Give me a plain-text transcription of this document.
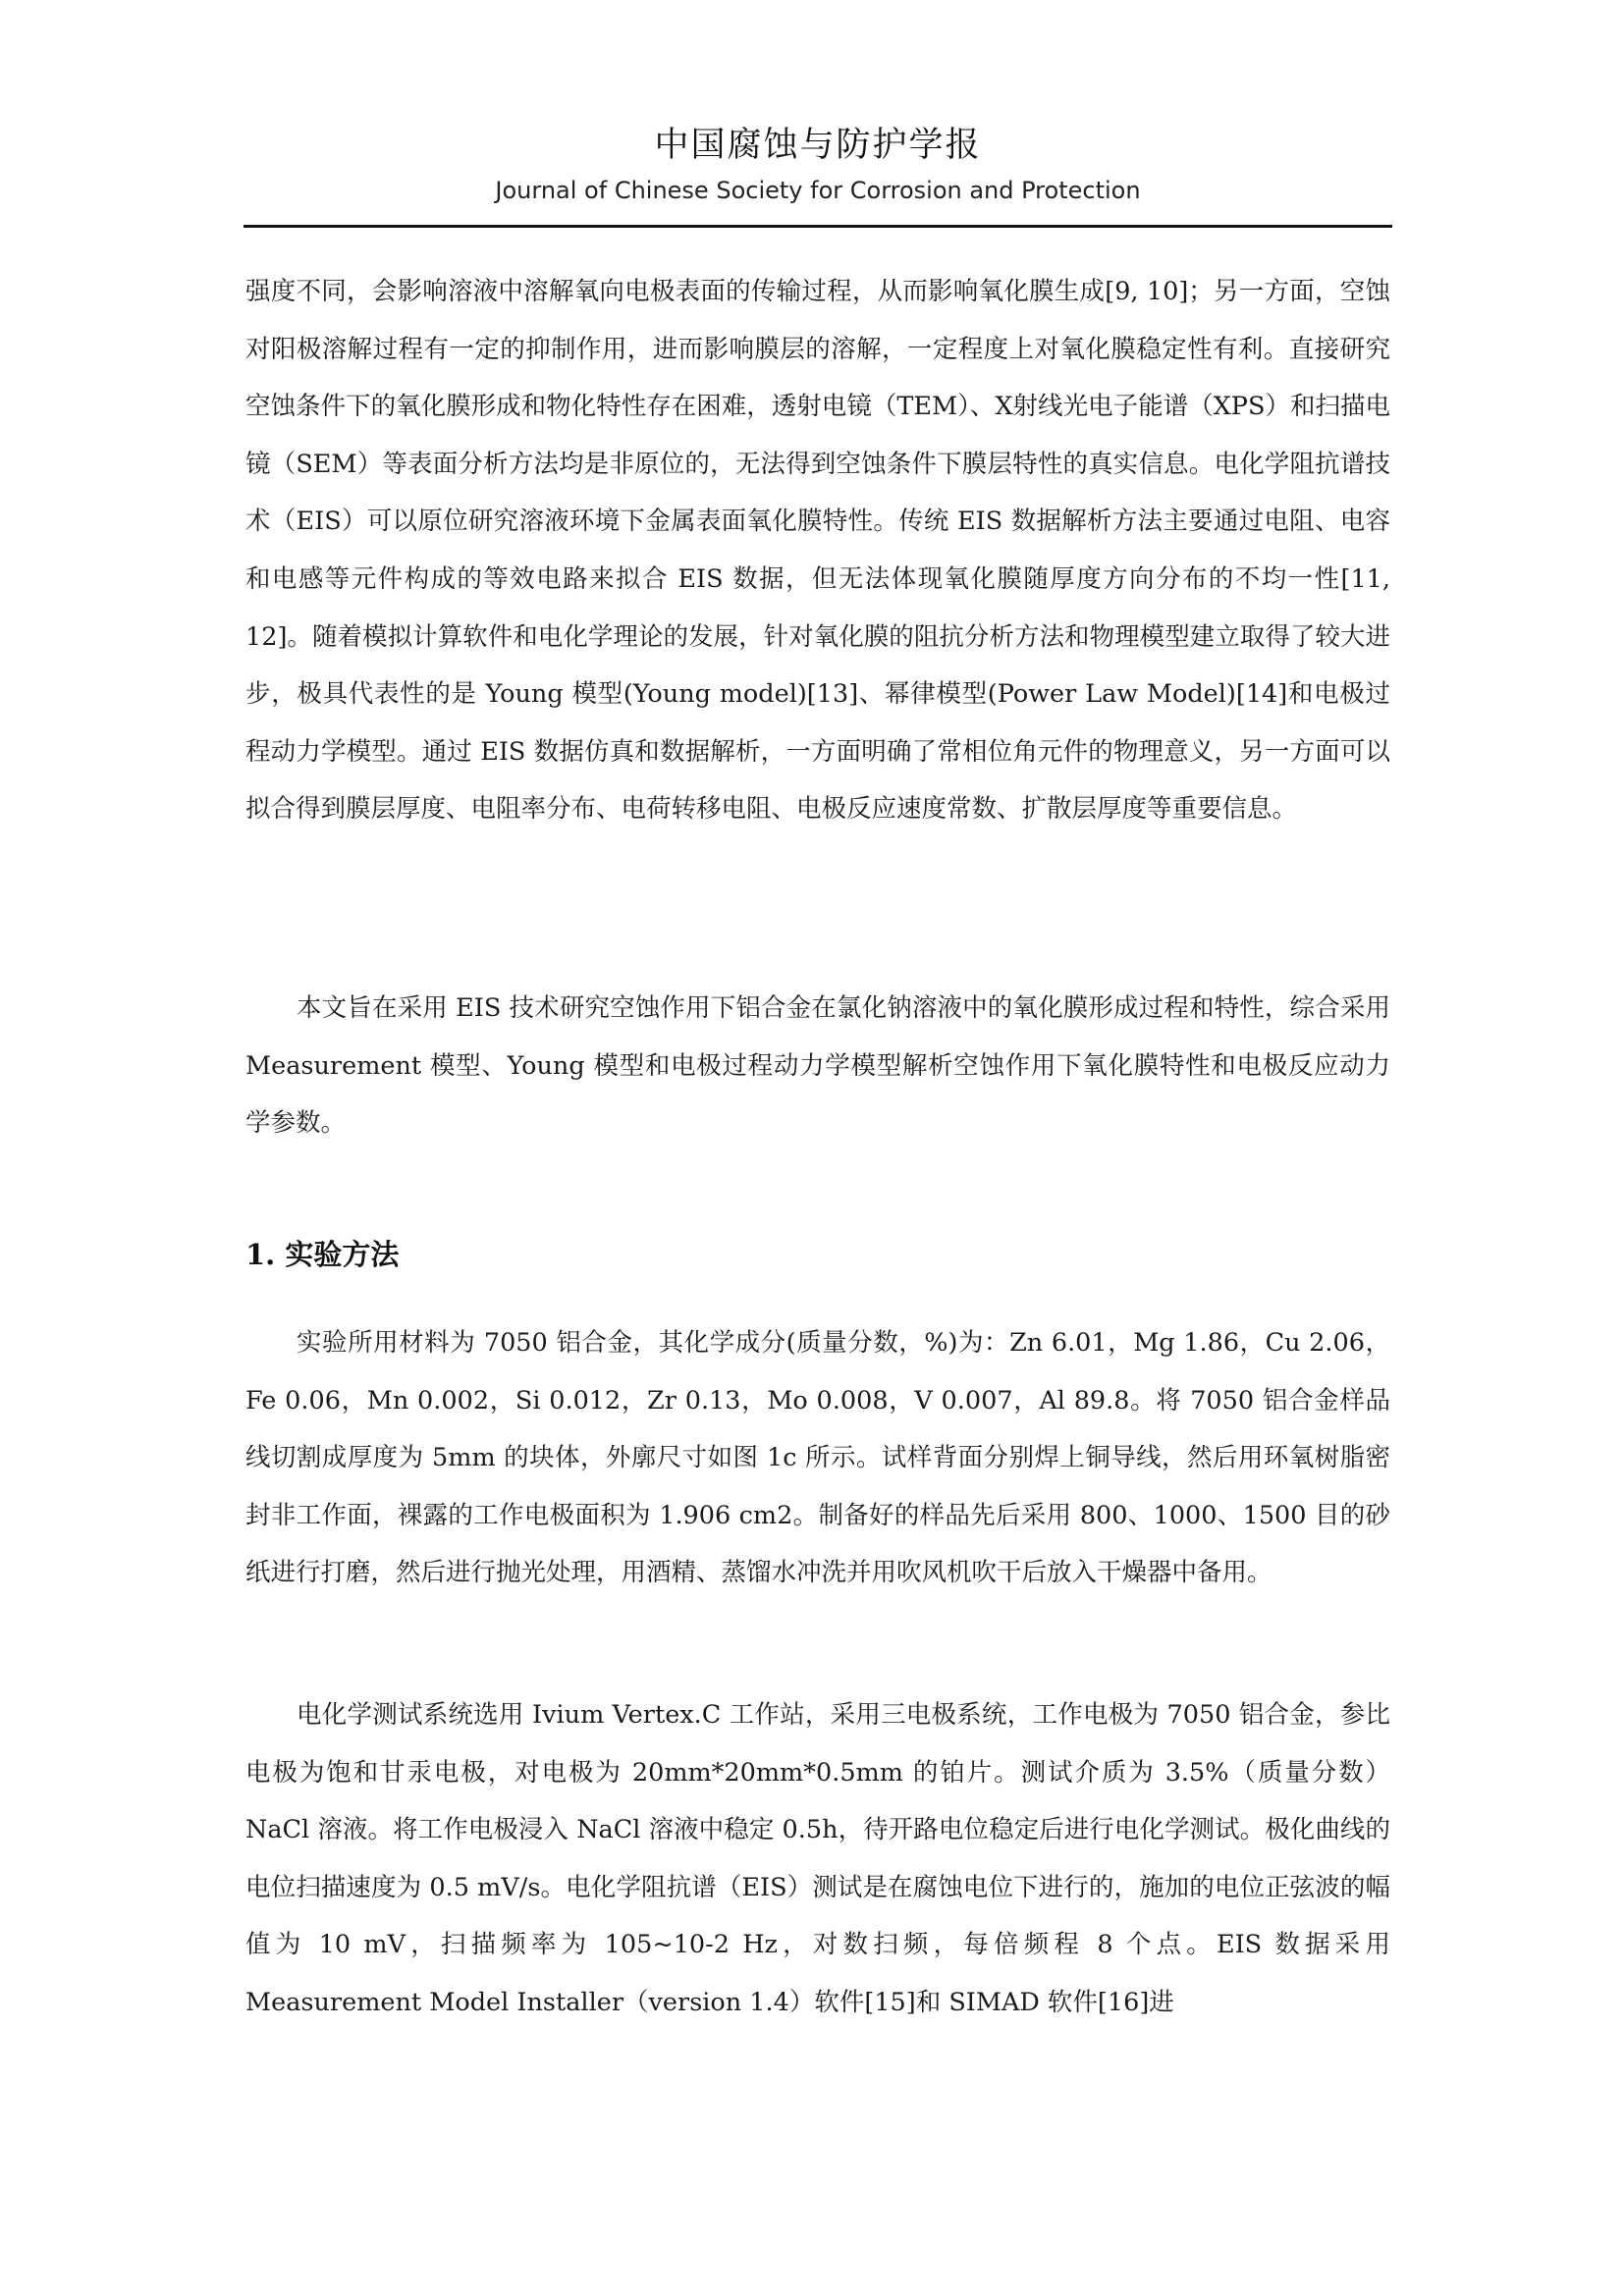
中国腐蚀与防护学报
Journal of Chinese Society for Corrosion and Protection

强度不同，会影响溶液中溶解氧向电极表面的传输过程，从而影响氧化膜生成[9, 10]；另一方面，空蚀对阳极溶解过程有一定的抑制作用，进而影响膜层的溶解，一定程度上对氧化膜稳定性有利。直接研究空蚀条件下的氧化膜形成和物化特性存在困难，透射电镜（TEM）、X射线光电子能谱（XPS）和扫描电镜（SEM）等表面分析方法均是非原位的，无法得到空蚀条件下膜层特性的真实信息。电化学阻抗谱技术（EIS）可以原位研究溶液环境下金属表面氧化膜特性。传统 EIS 数据解析方法主要通过电阻、电容和电感等元件构成的等效电路来拟合 EIS 数据，但无法体现氧化膜随厚度方向分布的不均一性[11, 12]。随着模拟计算软件和电化学理论的发展，针对氧化膜的阻抗分析方法和物理模型建立取得了较大进步，极具代表性的是 Young 模型(Young model)[13]、幂律模型(Power Law Model)[14]和电极过程动力学模型。通过 EIS 数据仿真和数据解析，一方面明确了常相位角元件的物理意义，另一方面可以拟合得到膜层厚度、电阻率分布、电荷转移电阻、电极反应速度常数、扩散层厚度等重要信息。

本文旨在采用 EIS 技术研究空蚀作用下铝合金在氯化钠溶液中的氧化膜形成过程和特性，综合采用 Measurement 模型、Young 模型和电极过程动力学模型解析空蚀作用下氧化膜特性和电极反应动力学参数。

1. 实验方法

实验所用材料为 7050 铝合金，其化学成分(质量分数，%)为：Zn 6.01，Mg 1.86，Cu 2.06，Fe 0.06，Mn 0.002，Si 0.012，Zr 0.13，Mo 0.008，V 0.007，Al 89.8。将 7050 铝合金样品线切割成厚度为 5mm 的块体，外廓尺寸如图 1c 所示。试样背面分别焊上铜导线，然后用环氧树脂密封非工作面，裸露的工作电极面积为 1.906 cm2。制备好的样品先后采用 800、1000、1500 目的砂纸进行打磨，然后进行抛光处理，用酒精、蒸馏水冲洗并用吹风机吹干后放入干燥器中备用。

电化学测试系统选用 Ivium Vertex.C 工作站，采用三电极系统，工作电极为 7050 铝合金，参比电极为饱和甘汞电极，对电极为 20mm*20mm*0.5mm 的铂片。测试介质为 3.5%（质量分数）NaCl 溶液。将工作电极浸入 NaCl 溶液中稳定 0.5h，待开路电位稳定后进行电化学测试。极化曲线的电位扫描速度为 0.5 mV/s。电化学阻抗谱（EIS）测试是在腐蚀电位下进行的，施加的电位正弦波的幅值为 10 mV，扫描频率为 105~10-2 Hz，对数扫频，每倍频程 8 个点。EIS 数据采用 Measurement Model Installer（version 1.4）软件[15]和 SIMAD 软件[16]进
